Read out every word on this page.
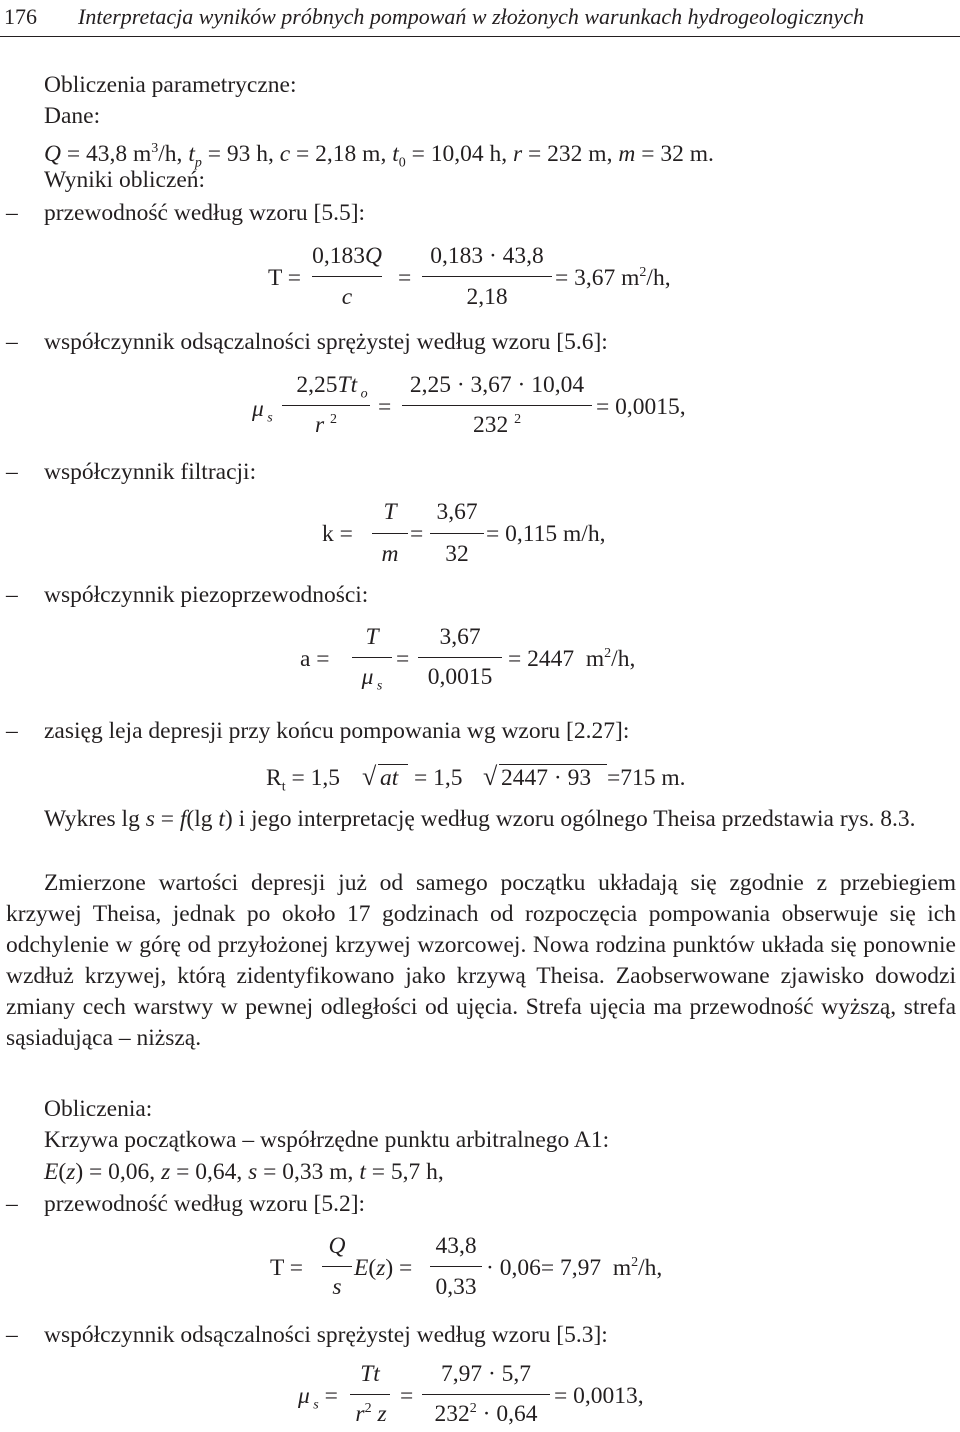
176 Interpretacja wyników próbnych pompowań w złożonych warunkach hydrogeologicznych
Obliczenia parametryczne:
Dane:
Q = 43,8 $m^3/h$, $t_p = 93$ h, c = 2,18 m, $t_0 = 10,04$ h, r = 232 m, m = 32 m.
Wyniki obliczeń:
– przewodność według wzoru [5.5]:
T =
0,183Q
c
=
0,183 · 43,8
2,18
= 3,67 $m^2/h$,
– współczynnik odsączalności sprężystej według wzoru [5.6]:
μ $_s$
2,25Tt $_o$
r $^2$	=
2,25 · 3,67 · 10,04
232 $^2$	= 0,0015,
– współczynnik filtracji:
k =
T
m
=
3,67
32
= 0,115 m/h,
– współczynnik piezoprzewodności:
a =
T
μ $_s$
=
3,67
0,0015
= 2447  $m^2/h$,
– zasięg leja depresji przy końcu pompowania wg wzoru [2.27]:
$R_t = 1,5$ √ at = 1,5 √ 2447 · 93 =715 m.
Wykres lg s = f(lg t) i jego interpretację według wzoru ogólnego Theisa przedstawia rys. 8.3.
Zmierzone wartości depresji już od samego początku układają się zgodnie z przebiegiem krzywej Theisa, jednak po około 17 godzinach od rozpoczęcia pompowania obserwuje się ich odchylenie w górę od przyłożonej krzywej wzorcowej. Nowa rodzina punktów układa się ponownie wzdłuż krzywej, którą zidentyfikowano jako krzywą Theisa. Zaobserwowane zjawisko dowodzi zmiany cech warstwy w pewnej odległości od ujęcia. Strefa ujęcia ma przewodność wyższą, strefa sąsiadująca – niższą.
Obliczenia:
Krzywa początkowa – współrzędne punktu arbitralnego A1:
E(z) = 0,06, z = 0,64, s = 0,33 m, t = 5,7 h,
– przewodność według wzoru [5.2]:
T =
Q
s
E(z) =
43,8
0,33
· 0,06= 7,97  $m^2/h$,
– współczynnik odsączalności sprężystej według wzoru [5.3]:
μ $_s$ =
Tt
$r^2$ z
=
7,97 · 5,7
$232^2 \cdot 0,64$
= 0,0013,
